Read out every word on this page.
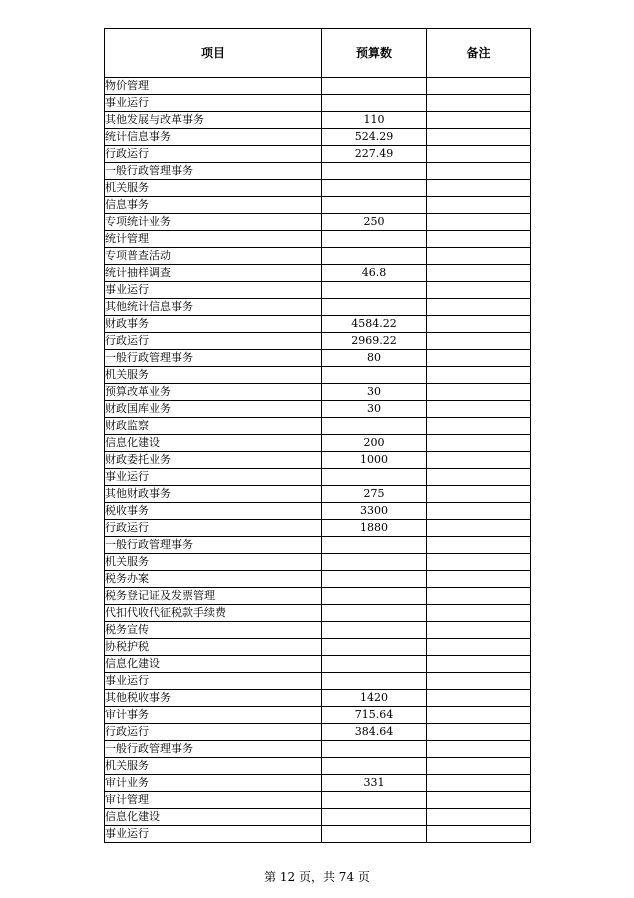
项目	预算数	备注
物价管理		
事业运行		
其他发展与改革事务	110	
统计信息事务	524.29	
行政运行	227.49	
一般行政管理事务		
机关服务		
信息事务		
专项统计业务	250	
统计管理		
专项普查活动		
统计抽样调查	46.8	
事业运行		
其他统计信息事务		
财政事务	4584.22	
行政运行	2969.22	
一般行政管理事务	80	
机关服务		
预算改革业务	30	
财政国库业务	30	
财政监察		
信息化建设	200	
财政委托业务	1000	
事业运行		
其他财政事务	275	
税收事务	3300	
行政运行	1880	
一般行政管理事务		
机关服务		
税务办案		
税务登记证及发票管理		
代扣代收代征税款手续费		
税务宣传		
协税护税		
信息化建设		
事业运行		
其他税收事务	1420	
审计事务	715.64	
行政运行	384.64	
一般行政管理事务		
机关服务		
审计业务	331	
审计管理		
信息化建设		
事业运行		
第 12 页，共 74 页
